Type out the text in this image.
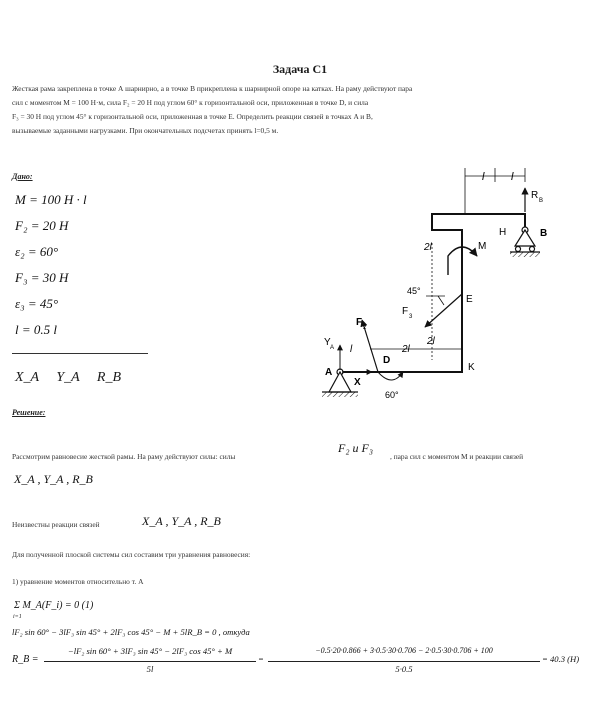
Задача С1
Жесткая рама закреплена в точке А шарнирно, а в точке В прикреплена к шарнирной опоре на катках. На раму действуют пара
сил с моментом M = 100 Н·м, сила F₂ = 20 Н под углом 60° к горизонтальной оси, приложенная в точке D, и сила
F₃ = 30 Н под углом 45° к горизонтальной оси, приложенная в точке E. Определить реакции связей в точках A и B,
вызываемые заданными нагрузками. При окончательных подсчетах принять l=0,5 м.
Дано:
M = 100 Н · l
F₂ = 20 Н
ε₂ = 60°
F₃ = 30 Н
ε₃ = 45°
l = 0.5 l
X_A Y_A R_B
Решение:
Рассмотрим равновесие жесткой рамы. На раму действуют силы: силы
F₂ и F₃
, пара сил с моментом M и реакции связей
X_A , Y_A , R_B
Неизвестны реакции связей	X_A , Y_A , R_B
Для полученной плоской системы сил составим три уравнения равновесия:
1) уравнение моментов относительно т. A
Σ M_A(F_i) = 0 (1)
i=1
lF₂ sin 60° − 3lF₃ sin 45° + 2lF₃ cos 45° − M + 5lR_B = 0 , откуда
R_B =
−lF₂ sin 60° + 3lF₃ sin 45° − 2lF₃ cos 45° + M
5l
=
−0.5·20·0.866 + 3·0.5·30·0.706 − 2·0.5·30·0.706 + 100
5·0.5
= 40.3 (Н)
l l
2l
2l
2l
l
A
Y A
X
F 2
D
60°
45°
F 3
E
M
H
K
B
R B
